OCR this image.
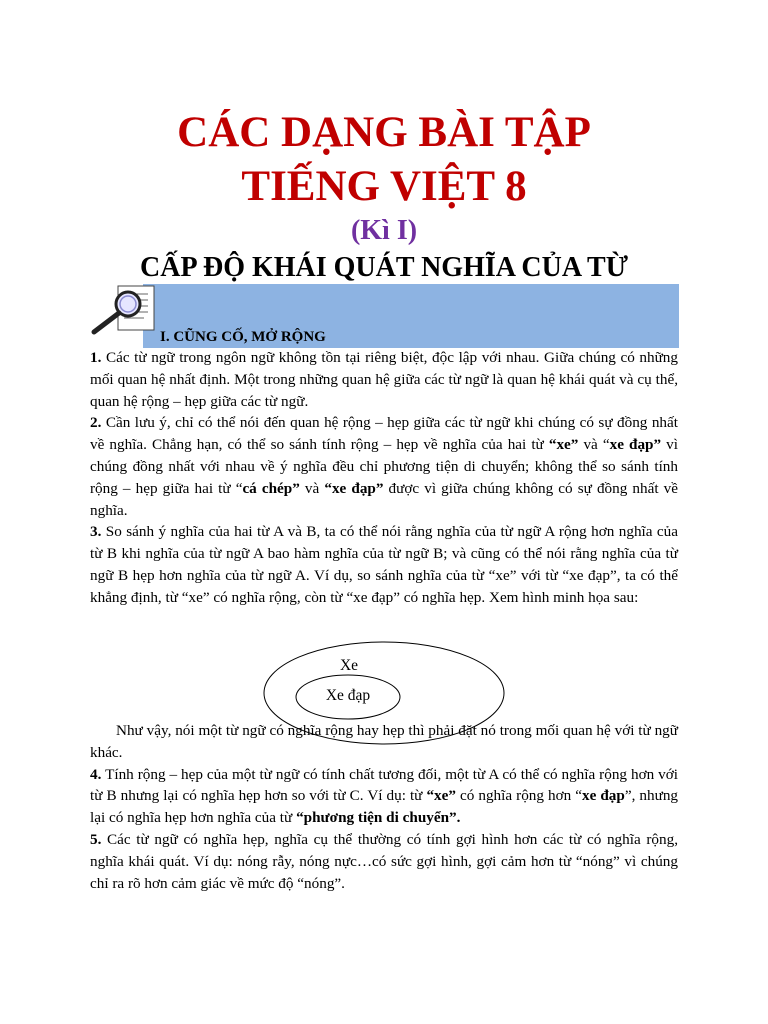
CÁC DẠNG BÀI TẬP
TIẾNG VIỆT 8
(Kì I)
CẤP ĐỘ KHÁI QUÁT NGHĨA CỦA TỪ
I. CŨNG CỐ, MỞ RỘNG

1. Các từ ngữ trong ngôn ngữ không tồn tại riêng biệt, độc lập với nhau. Giữa chúng có những mối quan hệ nhất định. Một trong những quan hệ giữa các từ ngữ là quan hệ khái quát và cụ thể, quan hệ rộng – hẹp giữa các từ ngữ.

2. Cần lưu ý, chỉ có thể nói đến quan hệ rộng – hẹp giữa các từ ngữ khi chúng có sự đồng nhất về nghĩa. Chẳng hạn, có thể so sánh tính rộng – hẹp về nghĩa của hai từ “xe” và “xe đạp” vì chúng đồng nhất với nhau về ý nghĩa đều chỉ phương tiện di chuyển; không thể so sánh tính rộng – hẹp giữa hai từ “cá chép” và “xe đạp” được vì giữa chúng không có sự đồng nhất về nghĩa.

3. So sánh ý nghĩa của hai từ A và B, ta có thể nói rằng nghĩa của từ ngữ A rộng hơn nghĩa của từ B khi nghĩa của từ ngữ A bao hàm nghĩa của từ ngữ B; và cũng có thể nói rằng nghĩa của từ ngữ B hẹp hơn nghĩa của từ ngữ A. Ví dụ, so sánh nghĩa của từ “xe” với từ “xe đạp”, ta có thể khẳng định, từ “xe” có nghĩa rộng, còn từ “xe đạp” có nghĩa hẹp. Xem hình minh họa sau:

Xe
Xe đạp

Như vậy, nói một từ ngữ có nghĩa rộng hay hẹp thì phải đặt nó trong mối quan hệ với từ ngữ khác.

4. Tính rộng – hẹp của một từ ngữ có tính chất tương đối, một từ A có thể có nghĩa rộng hơn với từ B nhưng lại có nghĩa hẹp hơn so với từ C. Ví dụ: từ “xe” có nghĩa rộng hơn “xe đạp”, nhưng lại có nghĩa hẹp hơn nghĩa của từ “phương tiện di chuyển”.

5. Các từ ngữ có nghĩa hẹp, nghĩa cụ thể thường có tính gợi hình hơn các từ có nghĩa rộng, nghĩa khái quát. Ví dụ: nóng rẫy, nóng nực…có sức gợi hình, gợi cảm hơn từ “nóng” vì chúng chỉ ra rõ hơn cảm giác về mức độ “nóng”.
